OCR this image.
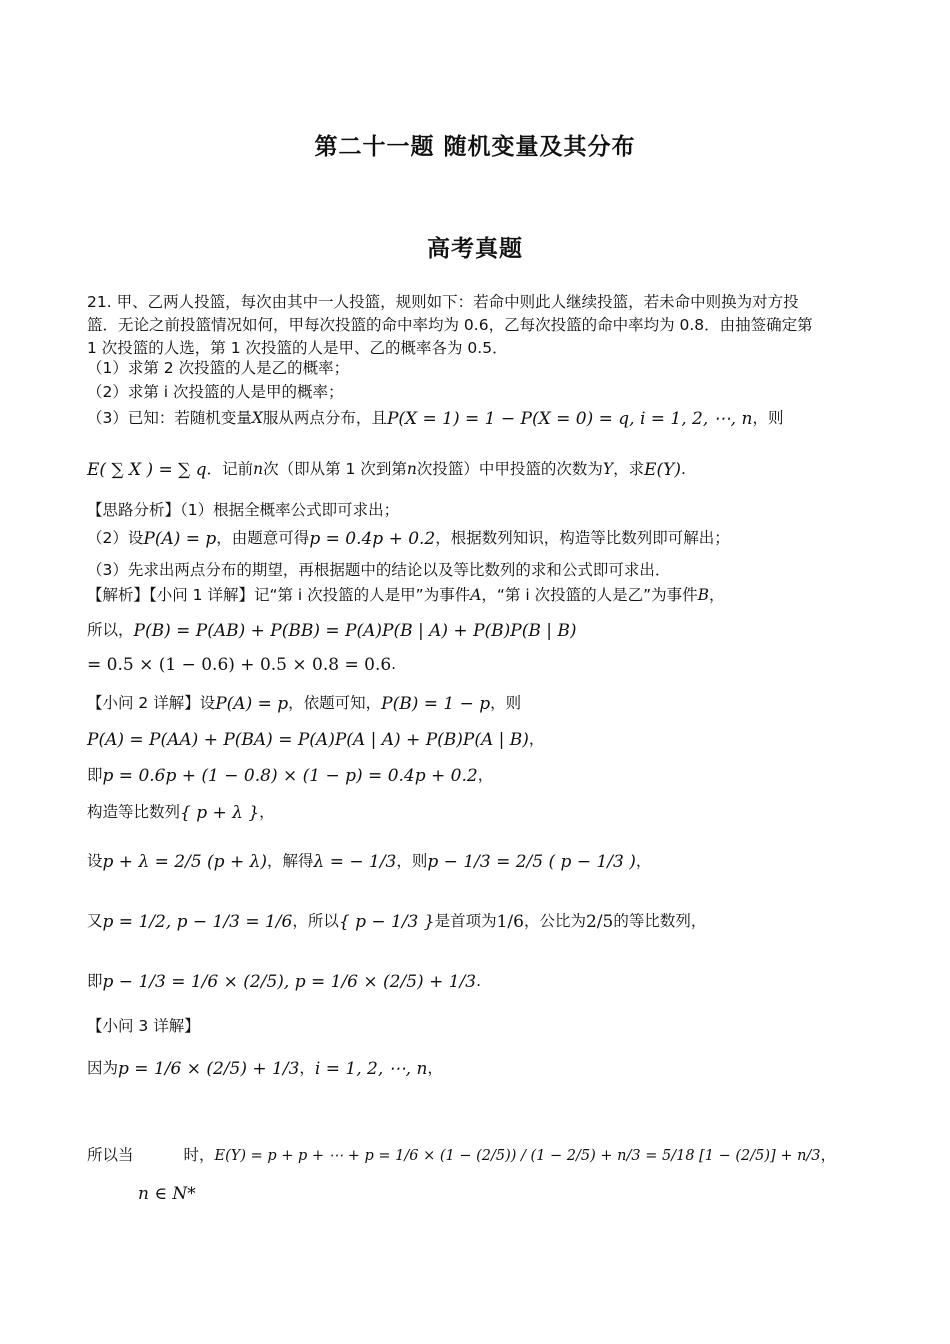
第二十一题 随机变量及其分布
高考真题
21. 甲、乙两人投篮，每次由其中一人投篮，规则如下：若命中则此人继续投篮，若未命中则换为对方投
篮．无论之前投篮情况如何，甲每次投篮的命中率均为 0.6，乙每次投篮的命中率均为 0.8．由抽签确定第
1 次投篮的人选，第 1 次投篮的人是甲、乙的概率各为 0.5．
（1）求第 2 次投篮的人是乙的概率；
（2）求第 i 次投篮的人是甲的概率；
（3）已知：若随机变量X服从两点分布，且P(X = 1) = 1 − P(X = 0) = q, i = 1, 2, ⋯, n，则
E( ∑ X ) = ∑ q．记前n次（即从第 1 次到第n次投篮）中甲投篮的次数为Y，求E(Y).
【思路分析】（1）根据全概率公式即可求出；
（2）设P(A) = p，由题意可得p = 0.4p + 0.2，根据数列知识，构造等比数列即可解出；
（3）先求出两点分布的期望，再根据题中的结论以及等比数列的求和公式即可求出．
【解析】【小问 1 详解】记“第 i 次投篮的人是甲”为事件A，“第 i 次投篮的人是乙”为事件B，
所以，P(B) = P(AB) + P(BB) = P(A)P(B | A) + P(B)P(B | B)
= 0.5 × (1 − 0.6) + 0.5 × 0.8 = 0.6.
【小问 2 详解】设P(A) = p，依题可知，P(B) = 1 − p，则
P(A) = P(AA) + P(BA) = P(A)P(A | A) + P(B)P(A | B)，
即p = 0.6p + (1 − 0.8) × (1 − p) = 0.4p + 0.2，
构造等比数列{ p + λ }，
设p + λ = 2/5 (p + λ)，解得λ = − 1/3，则p − 1/3 = 2/5 ( p − 1/3 )，
又p = 1/2, p − 1/3 = 1/6，所以{ p − 1/3 }是首项为1/6，公比为2/5的等比数列，
即p − 1/3 = 1/6 × (2/5), p = 1/6 × (2/5) + 1/3.
【小问 3 详解】
因为p = 1/6 × (2/5) + 1/3，i = 1, 2, ⋯, n，
所以当	时，E(Y) = p + p + ⋯ + p = 1/6 × (1 − (2/5)) / (1 − 2/5) + n/3 = 5/18 [1 − (2/5)] + n/3，
n ∈ N*
